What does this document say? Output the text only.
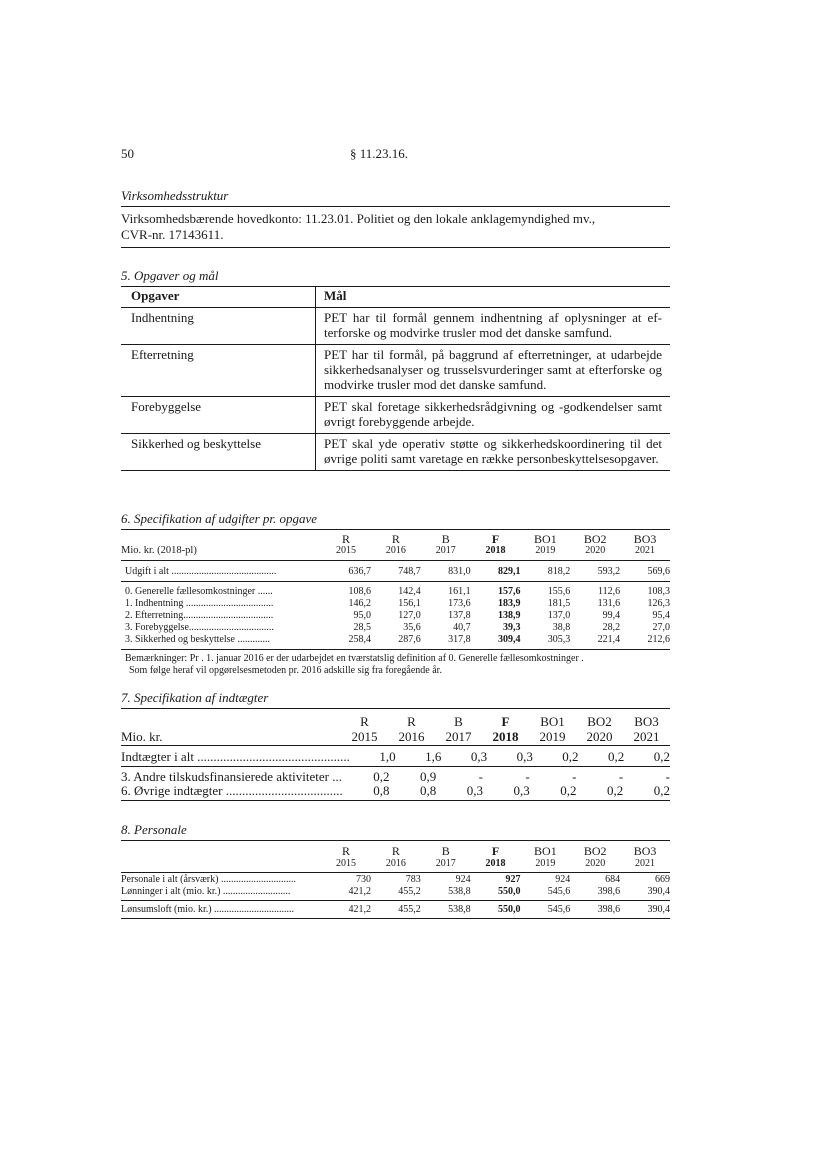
50	§ 11.23.16.
Virksomhedsstruktur
Virksomhedsbærende hovedkonto: 11.23.01. Politiet og den lokale anklagemyndighed mv.,
CVR-nr. 17143611.
5. Opgaver og mål
Opgaver	Mål
Indhentning	PET har til formål gennem indhentning af oplysninger at efterforske og modvirke trusler mod det danske samfund.
Efterretning	PET har til formål, på baggrund af efterretninger, at udarbejde sikkerhedsanalyser og trusselsvurderinger samt at efterforske og modvirke trusler mod det danske samfund.
Forebyggelse	PET skal foretage sikkerhedsrådgivning og -godkendelser samt øvrigt forebyggende arbejde.
Sikkerhed og beskyttelse	PET skal yde operativ støtte og sikkerhedskoordinering til det øvrige politi samt varetage en række personbeskyttelsesopgaver.
6. Specifikation af udgifter pr. opgave
	R	R	B	F	BO1	BO2	BO3
Mio. kr. (2018-pl)	2015	2016	2017	2018	2019	2020	2021
Udgift i alt ..........................................	636,7	748,7	831,0	829,1	818,2	593,2	569,6
0. Generelle fællesomkostninger ......	108,6	142,4	161,1	157,6	155,6	112,6	108,3
1. Indhentning ...................................	146,2	156,1	173,6	183,9	181,5	131,6	126,3
2. Efterretning....................................	95,0	127,0	137,8	138,9	137,0	99,4	95,4
3. Forebyggelse..................................	28,5	35,6	40,7	39,3	38,8	28,2	27,0
3. Sikkerhed og beskyttelse .............	258,4	287,6	317,8	309,4	305,3	221,4	212,6
Bemærkninger: Pr . 1. januar 2016 er der udarbejdet en tværstatslig definition af 0. Generelle fællesomkostninger .
Som følge heraf vil opgørelsesmetoden pr. 2016 adskille sig fra foregående år.
7. Specifikation af indtægter
	R	R	B	F	BO1	BO2	BO3
Mio. kr.	2015	2016	2017	2018	2019	2020	2021
Indtægter i alt ...............................................	1,0	1,6	0,3	0,3	0,2	0,2	0,2
3. Andre tilskudsfinansierede aktiviteter ...	0,2	0,9	-	-	-	-	-
6. Øvrige indtægter ....................................	0,8	0,8	0,3	0,3	0,2	0,2	0,2
8. Personale
	R	R	B	F	BO1	BO2	BO3
	2015	2016	2017	2018	2019	2020	2021
Personale i alt (årsværk) ..............................	730	783	924	927	924	684	669
Lønninger i alt (mio. kr.) ...........................	421,2	455,2	538,8	550,0	545,6	398,6	390,4
Lønsumsloft (mio. kr.) ................................	421,2	455,2	538,8	550,0	545,6	398,6	390,4
